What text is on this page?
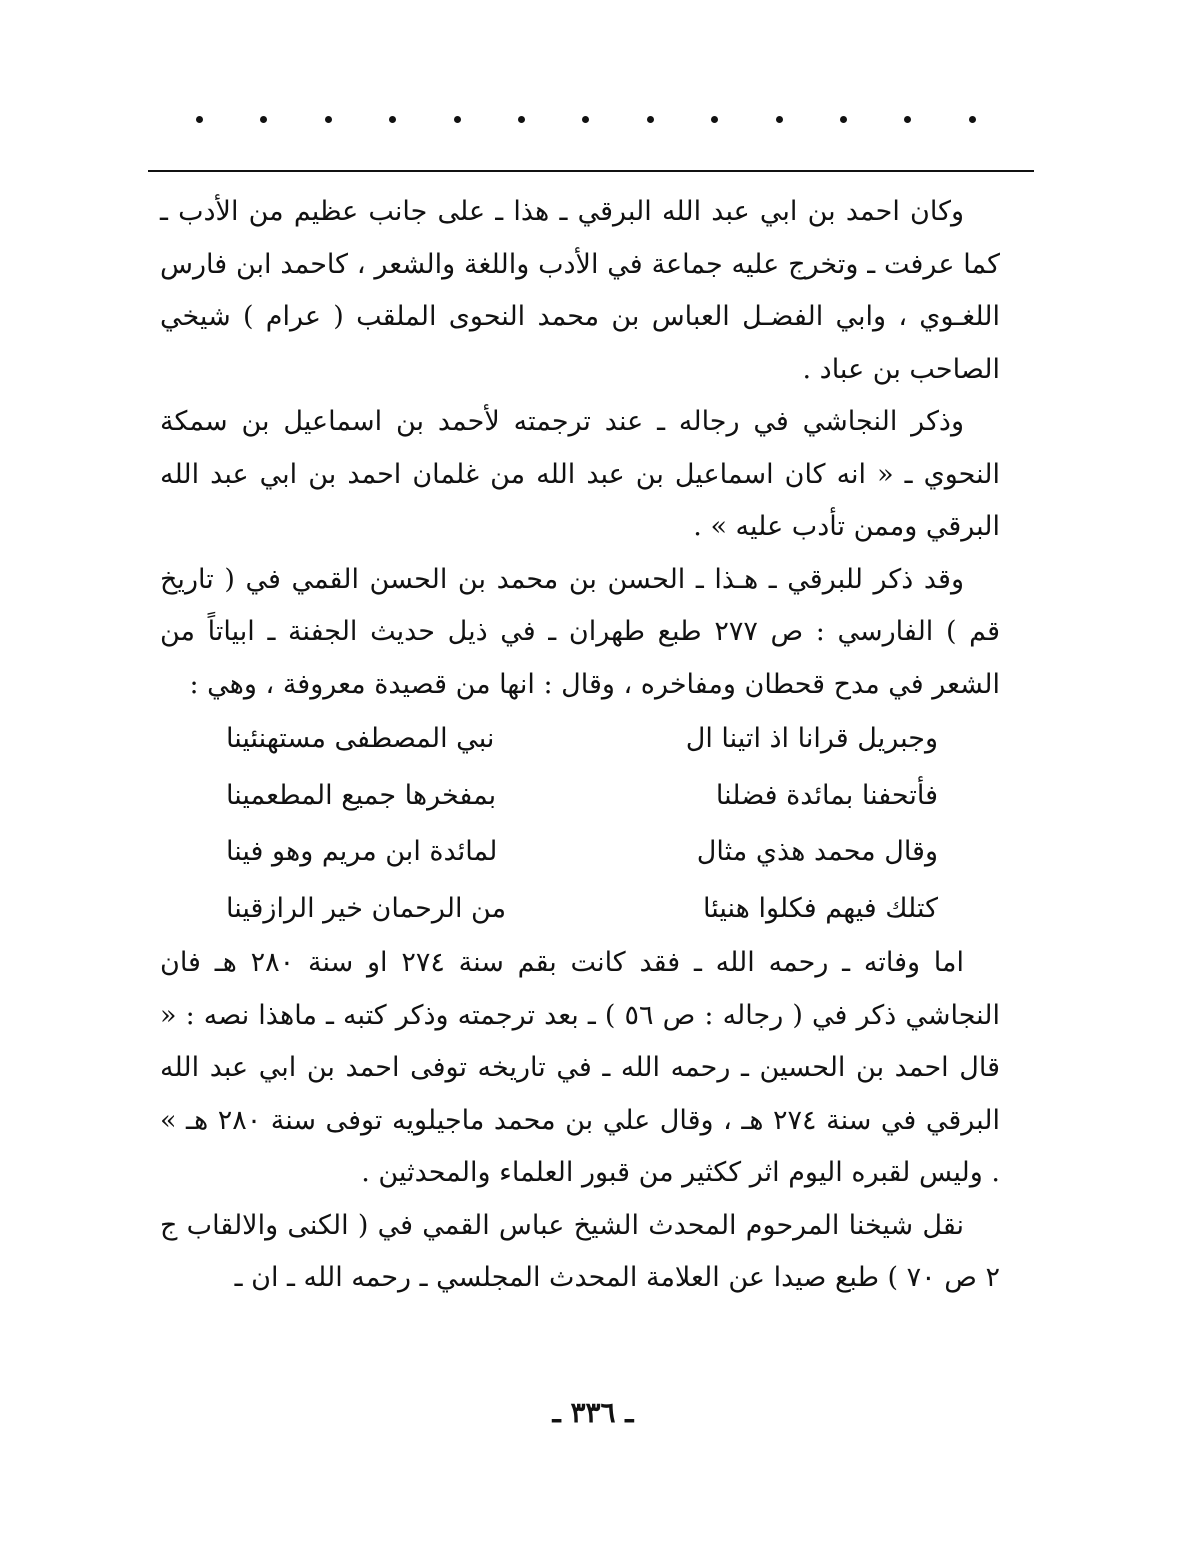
وكان احمد بن ابي عبد الله البرقي ـ هذا ـ على جانب عظيم من الأدب ـ كما عرفت ـ وتخرج عليه جماعة في الأدب واللغة والشعر ، كاحمد ابن فارس اللغـوي ، وابي الفضـل العباس بن محمد النحوى الملقب ( عرام ) شيخي الصاحب بن عباد .

وذكر النجاشي في رجاله ـ عند ترجمته لأحمد بن اسماعيل بن سمكة النحوي ـ « انه كان اسماعيل بن عبد الله من غلمان احمد بن ابي عبد الله البرقي وممن تأدب عليه » .

وقد ذكر للبرقي ـ هـذا ـ الحسن بن محمد بن الحسن القمي في ( تاريخ قم ) الفارسي : ص ٢٧٧ طبع طهران ـ في ذيل حديث الجفنة ـ ابياتاً من الشعر في مدح قحطان ومفاخره ، وقال : انها من قصيدة معروفة ، وهي :

وجبريل قرانا اذ اتينا ال
نبي المصطفى مستهنئينا
فأتحفنا بمائدة فضلنا
بمفخرها جميع المطعمينا
وقال محمد هذي مثال
لمائدة ابن مريم وهو فينا
كتلك فيهم فكلوا هنيئا
من الرحمان خير الرازقينا

اما وفاته ـ رحمه الله ـ فقد كانت بقم سنة ٢٧٤ او سنة ٢٨٠ هـ فان النجاشي ذكر في ( رجاله : ص ٥٦ ) ـ بعد ترجمته وذكر كتبه ـ ماهذا نصه : « قال احمد بن الحسين ـ رحمه الله ـ في تاريخه توفى احمد بن ابي عبد الله البرقي في سنة ٢٧٤ هـ ، وقال علي بن محمد ماجيلويه توفى سنة ٢٨٠ هـ » . وليس لقبره اليوم اثر ككثير من قبور العلماء والمحدثين .

نقل شيخنا المرحوم المحدث الشيخ عباس القمي في ( الكنى والالقاب ج ٢ ص ٧٠ ) طبع صيدا عن العلامة المحدث المجلسي ـ رحمه الله ـ ان ـ

ـ ٣٣٦ ـ
